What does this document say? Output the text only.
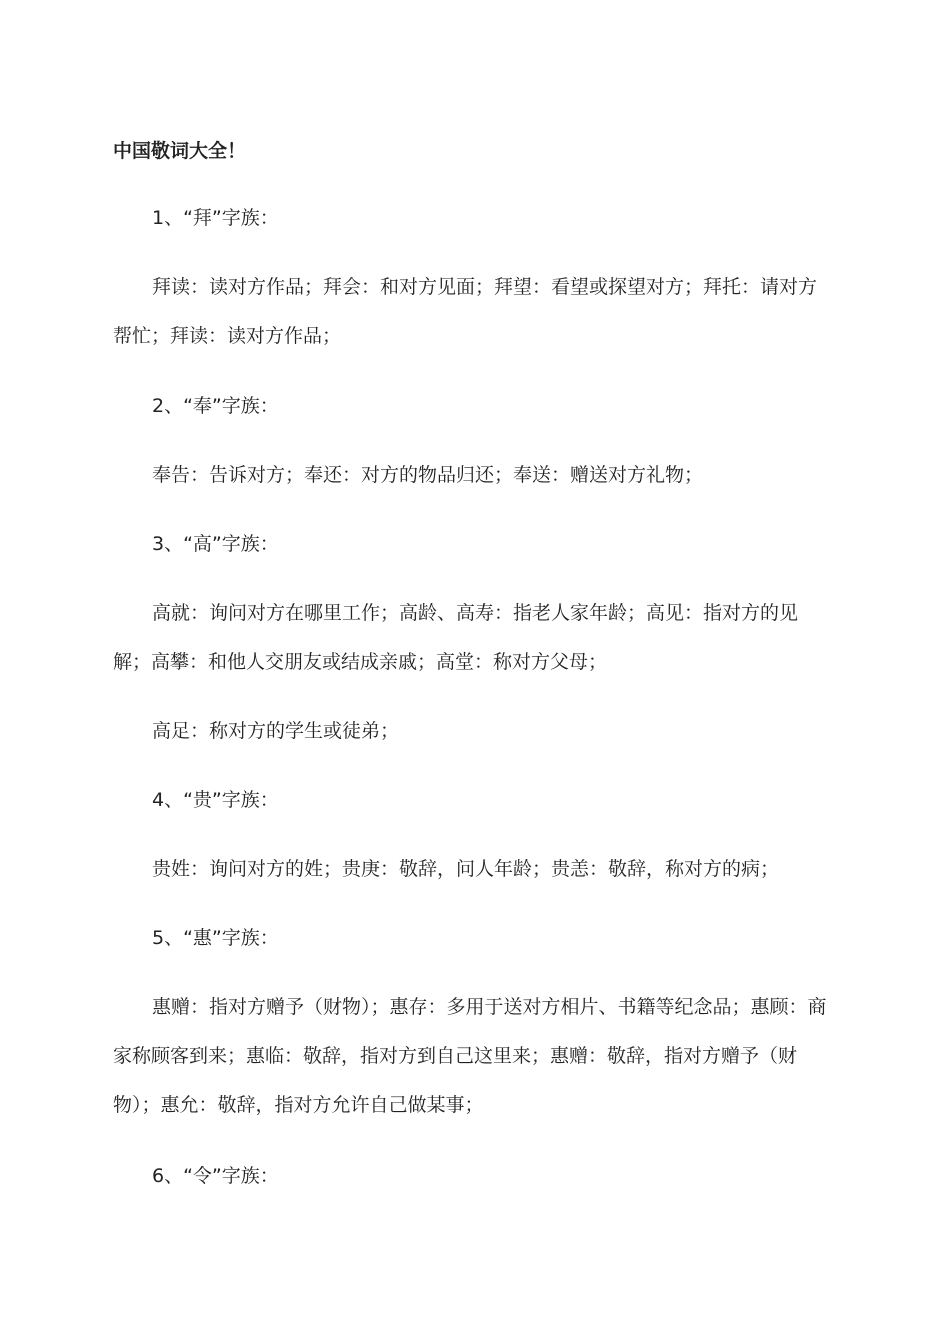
中国敬词大全！

1、“拜”字族：

拜读：读对方作品；拜会：和对方见面；拜望：看望或探望对方；拜托：请对方帮忙；拜读：读对方作品；

2、“奉”字族：

奉告：告诉对方；奉还：对方的物品归还；奉送：赠送对方礼物；

3、“高”字族：

高就：询问对方在哪里工作；高龄、高寿：指老人家年龄；高见：指对方的见解；高攀：和他人交朋友或结成亲戚；高堂：称对方父母；

高足：称对方的学生或徒弟；

4、“贵”字族：

贵姓：询问对方的姓；贵庚：敬辞，问人年龄；贵恙：敬辞，称对方的病；

5、“惠”字族：

惠赠：指对方赠予（财物）；惠存：多用于送对方相片、书籍等纪念品；惠顾：商家称顾客到来；惠临：敬辞，指对方到自己这里来；惠赠：敬辞，指对方赠予（财物）；惠允：敬辞，指对方允许自己做某事；

6、“令”字族：
